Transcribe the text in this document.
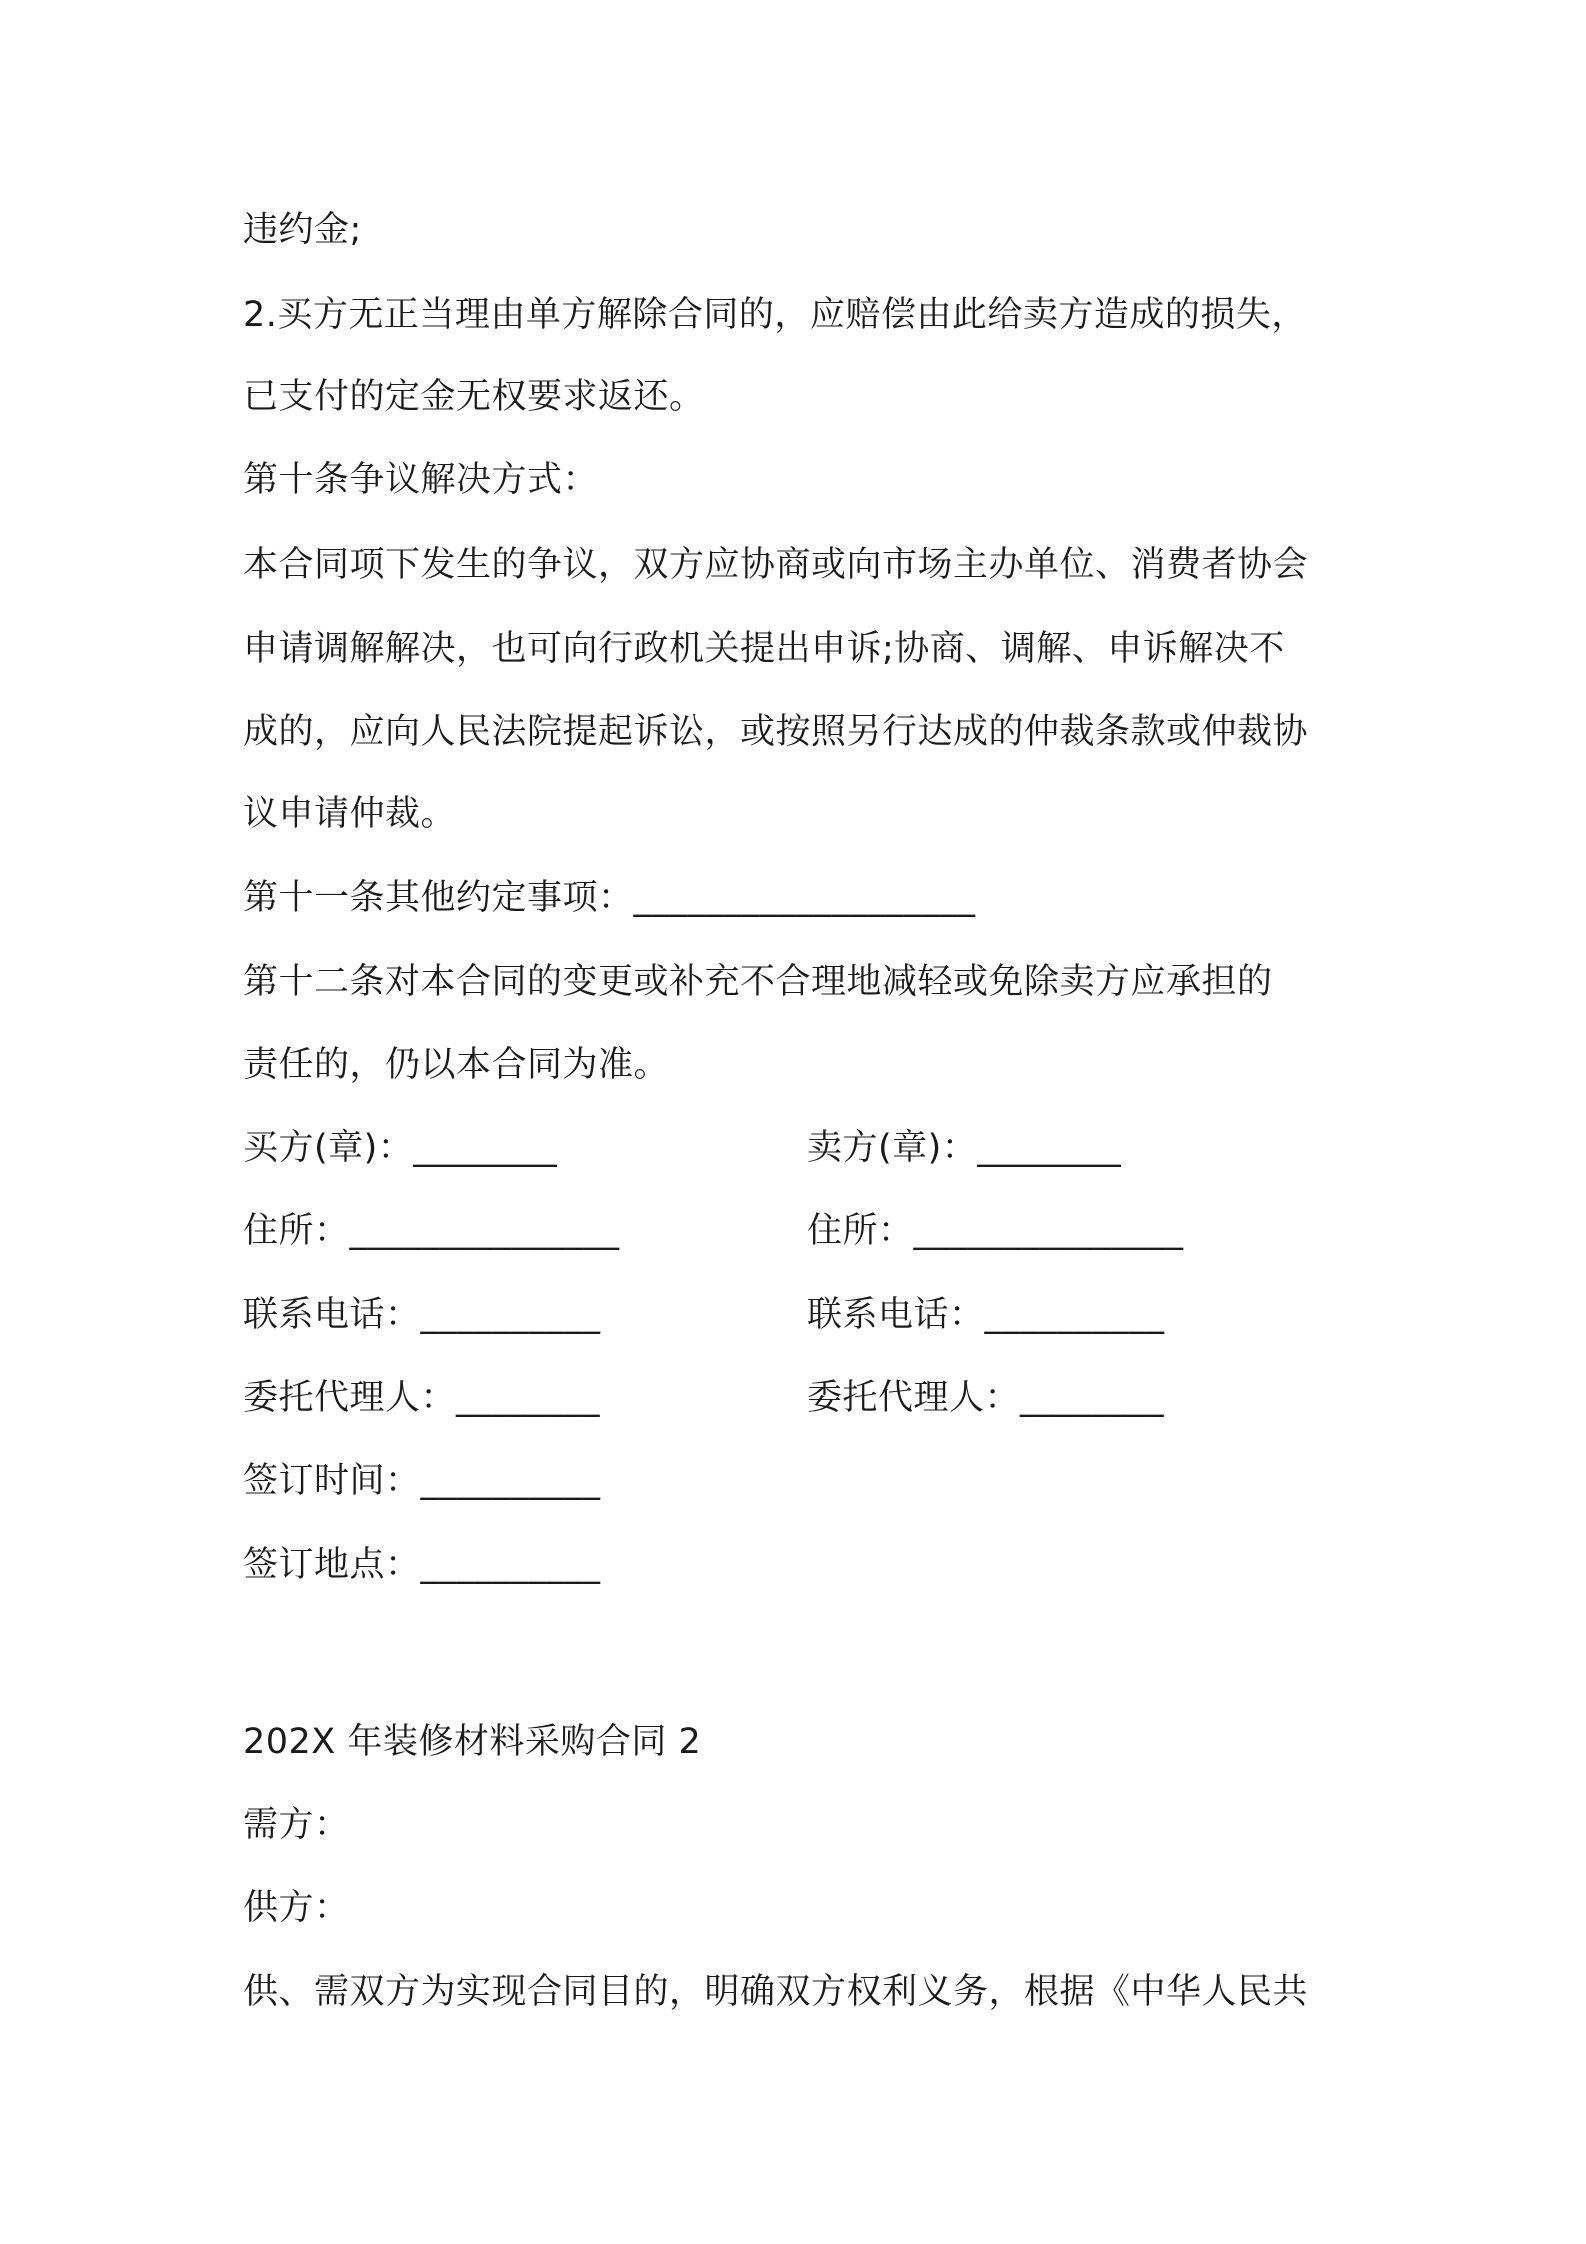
违约金;
2.买方无正当理由单方解除合同的，应赔偿由此给卖方造成的损失，
已支付的定金无权要求返还。
第十条争议解决方式：
本合同项下发生的争议，双方应协商或向市场主办单位、消费者协会
申请调解解决，也可向行政机关提出申诉;协商、调解、申诉解决不
成的，应向人民法院提起诉讼，或按照另行达成的仲裁条款或仲裁协
议申请仲裁。
第十一条其他约定事项：___________________
第十二条对本合同的变更或补充不合理地减轻或免除卖方应承担的
责任的，仍以本合同为准。
买方(章)：________	卖方(章)：________
住所：_______________	住所：_______________
联系电话：__________	联系电话：__________
委托代理人：________	委托代理人：________
签订时间：__________
签订地点：__________
202X 年装修材料采购合同 2
需方：
供方：
供、需双方为实现合同目的，明确双方权利义务，根据《中华人民共
